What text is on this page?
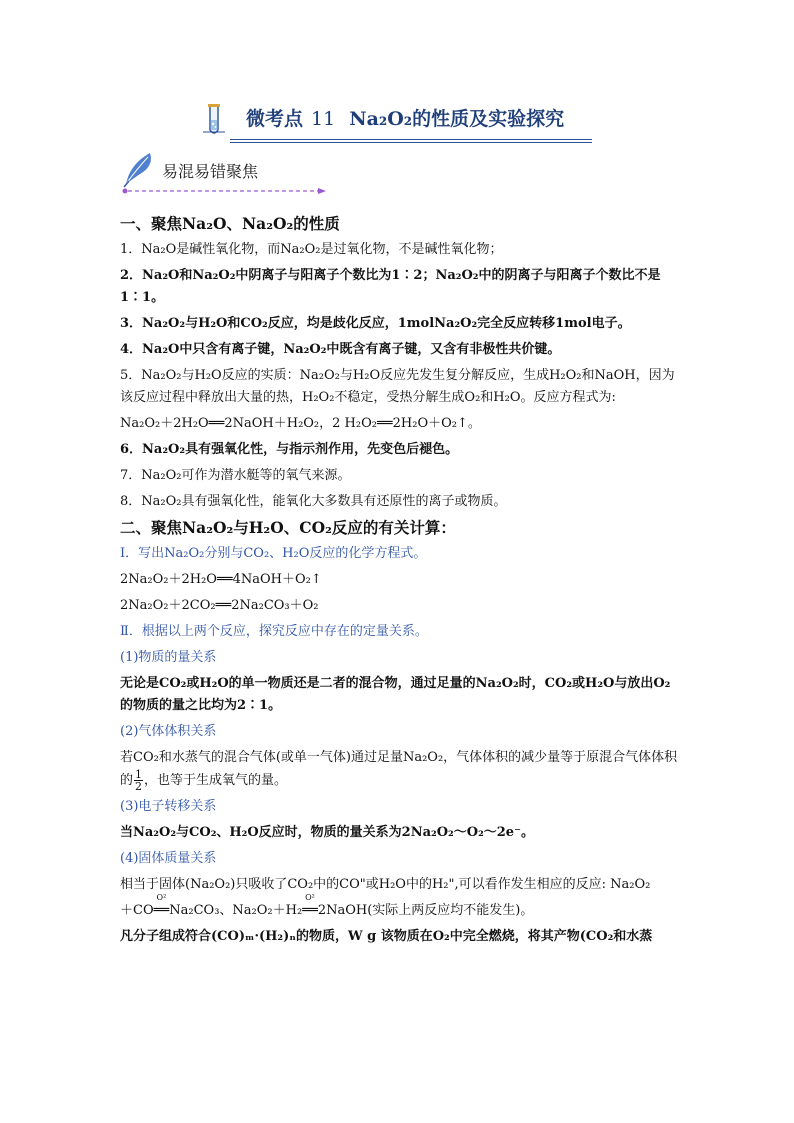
微考点 11 Na₂O₂的性质及实验探究
易混易错聚焦

一、聚焦Na₂O、Na₂O₂的性质

1．Na₂O是碱性氧化物，而Na₂O₂是过氧化物，不是碱性氧化物；

2．Na₂O和Na₂O₂中阴离子与阳离子个数比为1∶2；Na₂O₂中的阴离子与阳离子个数比不是1∶1。

3．Na₂O₂与H₂O和CO₂反应，均是歧化反应，1molNa₂O₂完全反应转移1mol电子。

4．Na₂O中只含有离子键，Na₂O₂中既含有离子键，又含有非极性共价键。

5．Na₂O₂与H₂O反应的实质：Na₂O₂与H₂O反应先发生复分解反应，生成H₂O₂和NaOH，因为该反应过程中释放出大量的热，H₂O₂不稳定，受热分解生成O₂和H₂O。反应方程式为:

Na₂O₂＋2H₂O══2NaOH＋H₂O₂，2 H₂O₂══2H₂O＋O₂↑。

6．Na₂O₂具有强氧化性，与指示剂作用，先变色后褪色。

7．Na₂O₂可作为潜水艇等的氧气来源。

8．Na₂O₂具有强氧化性，能氧化大多数具有还原性的离子或物质。

二、聚焦Na₂O₂与H₂O、CO₂反应的有关计算：

Ⅰ．写出Na₂O₂分别与CO₂、H₂O反应的化学方程式。

2Na₂O₂＋2H₂O══4NaOH＋O₂↑

2Na₂O₂＋2CO₂══2Na₂CO₃＋O₂

Ⅱ．根据以上两个反应，探究反应中存在的定量关系。

(1)物质的量关系

无论是CO₂或H₂O的单一物质还是二者的混合物，通过足量的Na₂O₂时，CO₂或H₂O与放出O₂的物质的量之比均为2∶1。

(2)气体体积关系

若CO₂和水蒸气的混合气体(或单一气体)通过足量Na₂O₂，气体体积的减少量等于原混合气体体积的 $\frac{1}{2}$ ，也等于生成氧气的量。

(3)电子转移关系

当Na₂O₂与CO₂、H₂O反应时，物质的量关系为2Na₂O₂～O₂～2e⁻。

(4)固体质量关系

相当于固体(Na₂O₂)只吸收了CO₂中的CO"或H₂O中的H₂",可以看作发生相应的反应: Na₂O₂

＋CO
O²
══Na₂CO₃、Na₂O₂＋H₂
O²
══2NaOH(实际上两反应均不能发生)。

凡分子组成符合(CO)ₘ·(H₂)ₙ的物质，W g 该物质在O₂中完全燃烧，将其产物(CO₂和水蒸
